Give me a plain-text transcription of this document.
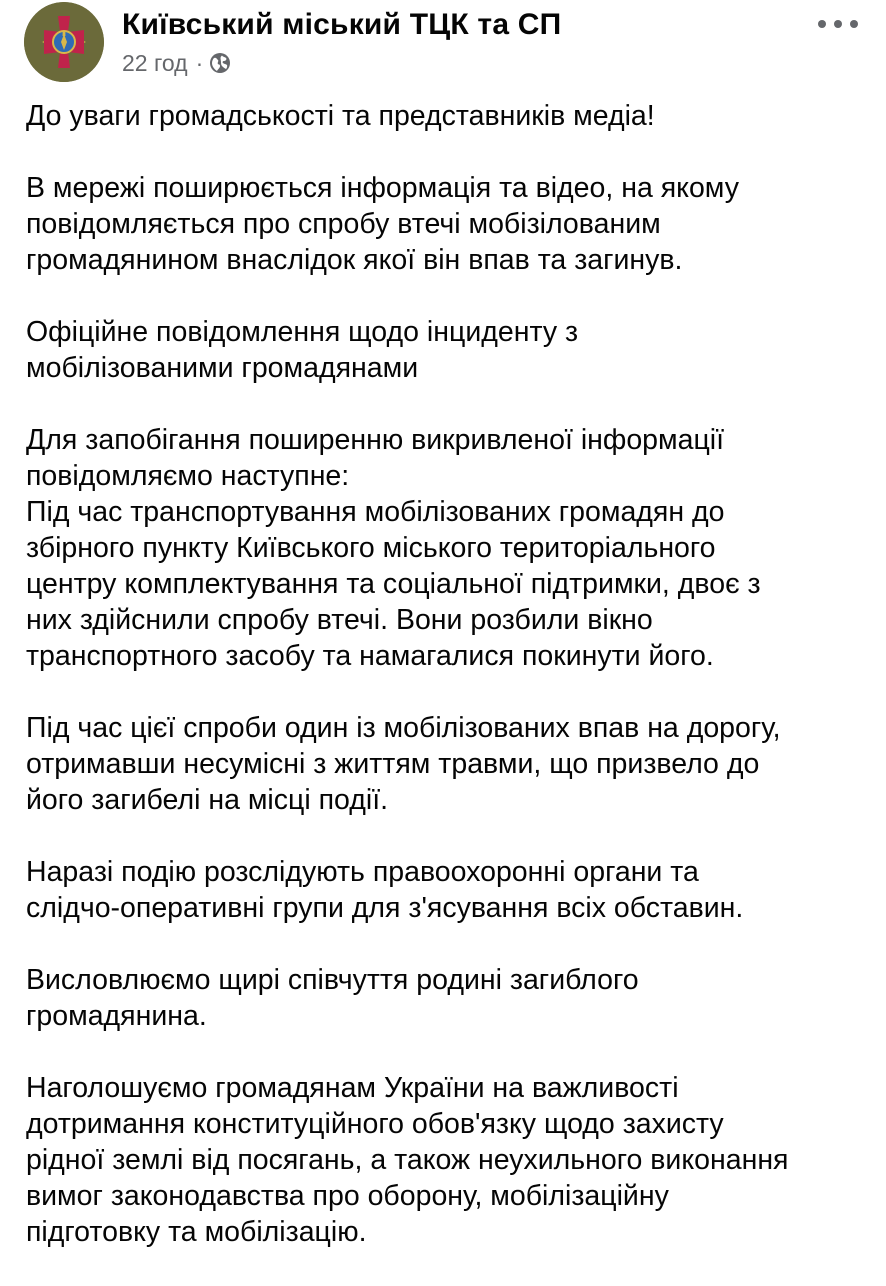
Київський міський ТЦК та СП
22 год ·

До уваги громадськості та представників медіа!

В мережі поширюється інформація та відео, на якому
повідомляється про спробу втечі мобізілованим
громадянином внаслідок якої він впав та загинув.

Офіційне повідомлення щодо інциденту з
мобілізованими громадянами

Для запобігання поширенню викривленої інформації
повідомляємо наступне:
Під час транспортування мобілізованих громадян до
збірного пункту Київського міського територіального
центру комплектування та соціальної підтримки, двоє з
них здійснили спробу втечі. Вони розбили вікно
транспортного засобу та намагалися покинути його.

Під час цієї спроби один із мобілізованих впав на дорогу,
отримавши несумісні з життям травми, що призвело до
його загибелі на місці події.

Наразі подію розслідують правоохоронні органи та
слідчо-оперативні групи для з'ясування всіх обставин.

Висловлюємо щирі співчуття родині загиблого
громадянина.

Наголошуємо громадянам України на важливості
дотримання конституційного обов'язку щодо захисту
рідної землі від посягань, а також неухильного виконання
вимог законодавства про оборону, мобілізаційну
підготовку та мобілізацію.
